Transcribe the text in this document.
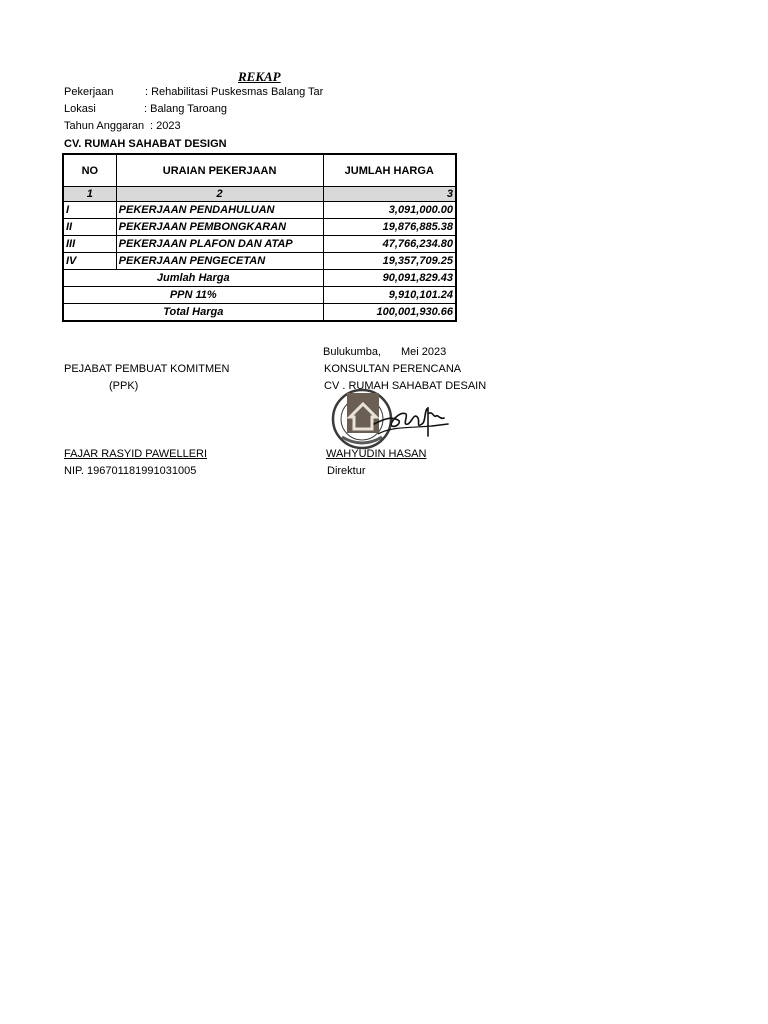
REKAP
Pekerjaan	: Rehabilitasi Puskesmas Balang Tar
Lokasi	: Balang Taroang
Tahun Anggaran : 2023
CV. RUMAH SAHABAT DESIGN
NO	URAIAN PEKERJAAN	JUMLAH HARGA
1	2	3
I	PEKERJAAN PENDAHULUAN	3,091,000.00
II	PEKERJAAN PEMBONGKARAN	19,876,885.38
III	PEKERJAAN PLAFON DAN ATAP	47,766,234.80
IV	PEKERJAAN PENGECETAN	19,357,709.25
Jumlah Harga		90,091,829.43
PPN 11%		9,910,101.24
Total Harga		100,001,930.66
Bulukumba, Mei 2023
PEJABAT PEMBUAT KOMITMEN
(PPK)
KONSULTAN PERENCANA
CV . RUMAH SAHABAT DESAIN
FAJAR RASYID PAWELLERI
NIP. 196701181991031005
WAHYUDIN HASAN
Direktur
